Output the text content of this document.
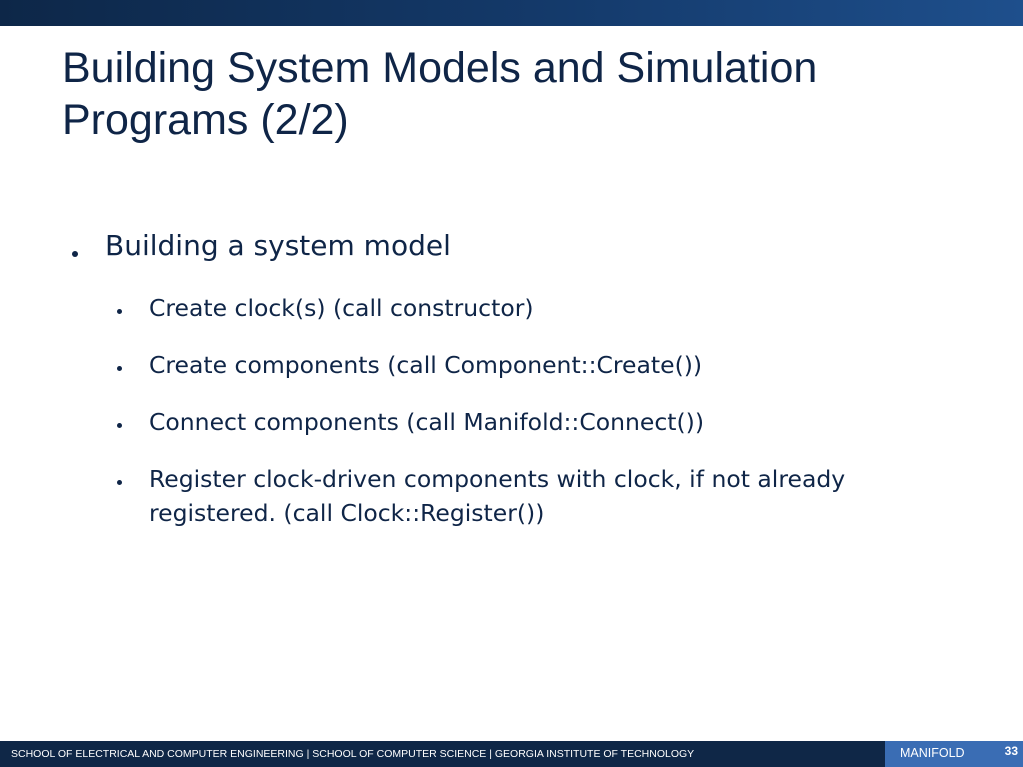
Building System Models and Simulation Programs (2/2)
Building a system model
Create clock(s) (call constructor)
Create components (call Component::Create())
Connect components (call Manifold::Connect())
Register clock-driven components with clock, if not already registered. (call Clock::Register())
SCHOOL OF ELECTRICAL AND COMPUTER ENGINEERING | SCHOOL OF COMPUTER SCIENCE | GEORGIA INSTITUTE OF TECHNOLOGY	MANIFOLD	33
